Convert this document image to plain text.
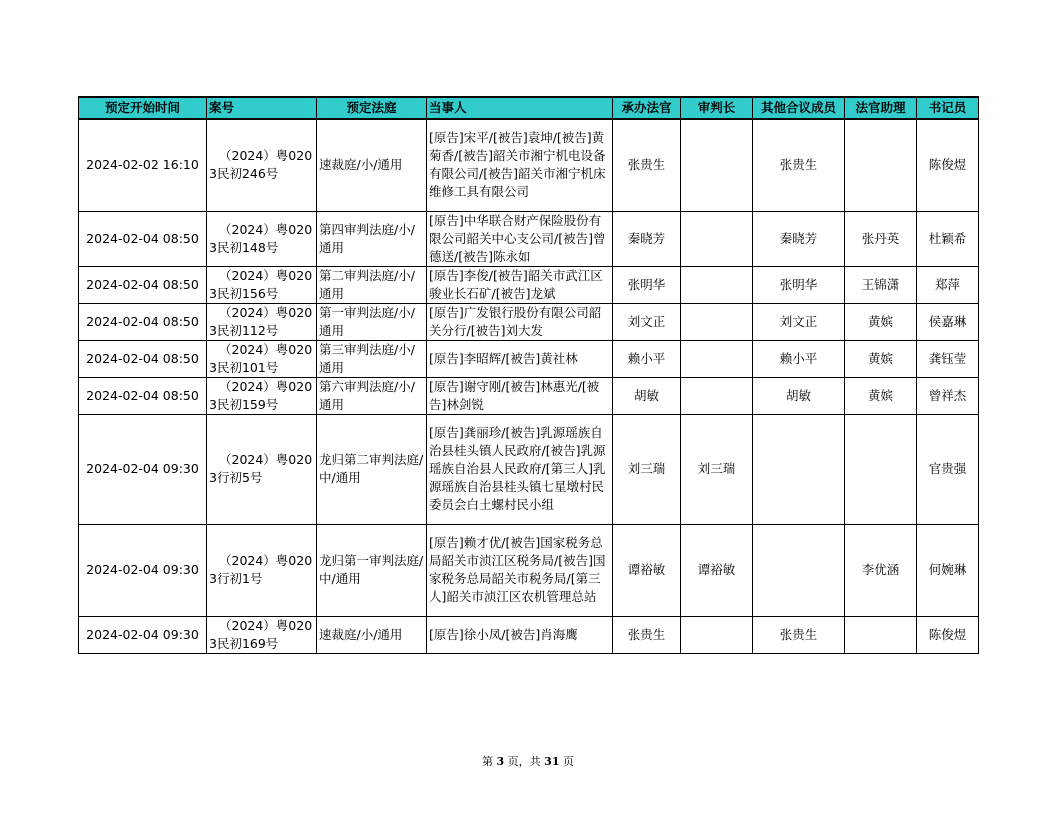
预定开始时间	案号	预定法庭	当事人	承办法官	审判长	其他合议成员	法官助理	书记员
2024-02-02 16:10	（2024）粤0203民初246号	速裁庭/小/通用	[原告]宋平/[被告]袁坤/[被告]黄菊香/[被告]韶关市湘宁机电设备有限公司/[被告]韶关市湘宁机床维修工具有限公司	张贵生		张贵生		陈俊煜
2024-02-04 08:50	（2024）粤0203民初148号	第四审判法庭/小/通用	[原告]中华联合财产保险股份有限公司韶关中心支公司/[被告]曾德送/[被告]陈永如	秦晓芳		秦晓芳	张丹英	杜颖希
2024-02-04 08:50	（2024）粤0203民初156号	第二审判法庭/小/通用	[原告]李俊/[被告]韶关市武江区骏业长石矿/[被告]龙斌	张明华		张明华	王锦潇	郑萍
2024-02-04 08:50	（2024）粤0203民初112号	第一审判法庭/小/通用	[原告]广发银行股份有限公司韶关分行/[被告]刘大发	刘文正		刘文正	黄嫔	侯嘉琳
2024-02-04 08:50	（2024）粤0203民初101号	第三审判法庭/小/通用	[原告]李昭辉/[被告]黄社林	赖小平		赖小平	黄嫔	龚钰莹
2024-02-04 08:50	（2024）粤0203民初159号	第六审判法庭/小/通用	[原告]谢守刚/[被告]林惠光/[被告]林剑锐	胡敏		胡敏	黄嫔	曾祥杰
2024-02-04 09:30	（2024）粤0203行初5号	龙归第二审判法庭/中/通用	[原告]龚丽珍/[被告]乳源瑶族自治县桂头镇人民政府/[被告]乳源瑶族自治县人民政府/[第三人]乳源瑶族自治县桂头镇七星墩村民委员会白土螺村民小组	刘三瑞	刘三瑞			官贵强
2024-02-04 09:30	（2024）粤0203行初1号	龙归第一审判法庭/中/通用	[原告]赖才优/[被告]国家税务总局韶关市浈江区税务局/[被告]国家税务总局韶关市税务局/[第三人]韶关市浈江区农机管理总站	谭裕敏	谭裕敏		李优涵	何婉琳
2024-02-04 09:30	（2024）粤0203民初169号	速裁庭/小/通用	[原告]徐小凤/[被告]肖海鹰	张贵生		张贵生		陈俊煜
第 3 页，共 31 页
